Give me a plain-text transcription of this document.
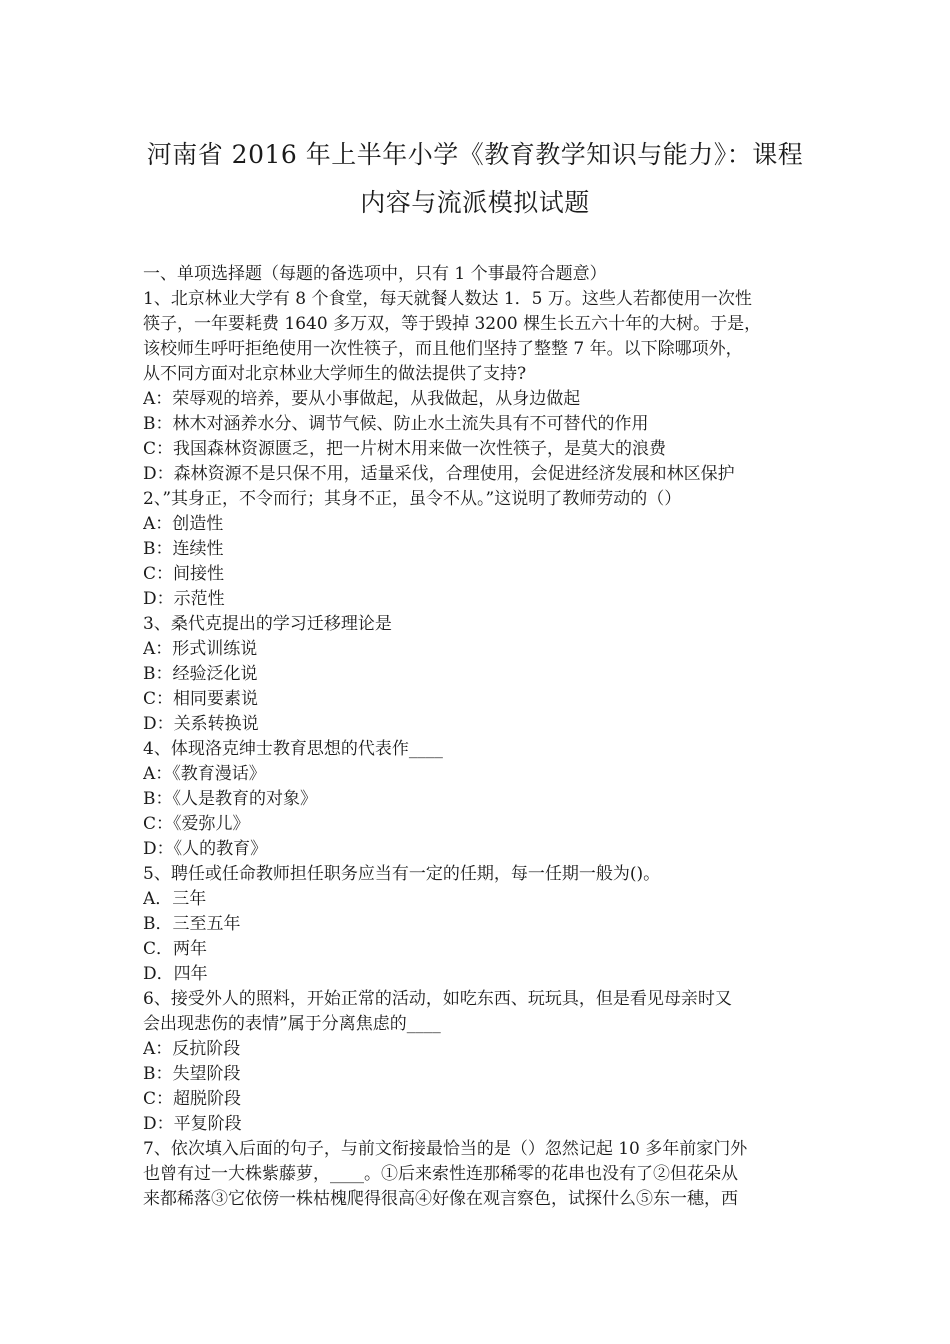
河南省 2016 年上半年小学《教育教学知识与能力》：课程
内容与流派模拟试题
一、单项选择题（每题的备选项中，只有 1 个事最符合题意）
1、北京林业大学有 8 个食堂，每天就餐人数达 1．5 万。这些人若都使用一次性
筷子，一年要耗费 1640 多万双，等于毁掉 3200 棵生长五六十年的大树。于是，
该校师生呼吁拒绝使用一次性筷子，而且他们坚持了整整 7 年。以下除哪项外，
从不同方面对北京林业大学师生的做法提供了支持?
A：荣辱观的培养，要从小事做起，从我做起，从身边做起
B：林木对涵养水分、调节气候、防止水土流失具有不可替代的作用
C：我国森林资源匮乏，把一片树木用来做一次性筷子，是莫大的浪费
D：森林资源不是只保不用，适量采伐，合理使用，会促进经济发展和林区保护
2、”其身正，不令而行；其身不正，虽令不从。”这说明了教师劳动的（）
A：创造性
B：连续性
C：间接性
D：示范性
3、桑代克提出的学习迁移理论是
A：形式训练说
B：经验泛化说
C：相同要素说
D：关系转换说
4、体现洛克绅士教育思想的代表作____
A：《教育漫话》
B：《人是教育的对象》
C：《爱弥儿》
D：《人的教育》
5、聘任或任命教师担任职务应当有一定的任期，每一任期一般为()。
A．三年
B．三至五年
C．两年
D．四年
6、接受外人的照料，开始正常的活动，如吃东西、玩玩具，但是看见母亲时又
会出现悲伤的表情”属于分离焦虑的____
A：反抗阶段
B：失望阶段
C：超脱阶段
D：平复阶段
7、依次填入后面的句子，与前文衔接最恰当的是（）忽然记起 10 多年前家门外
也曾有过一大株紫藤萝，____。①后来索性连那稀零的花串也没有了②但花朵从
来都稀落③它依傍一株枯槐爬得很高④好像在观言察色，试探什么⑤东一穗，西
